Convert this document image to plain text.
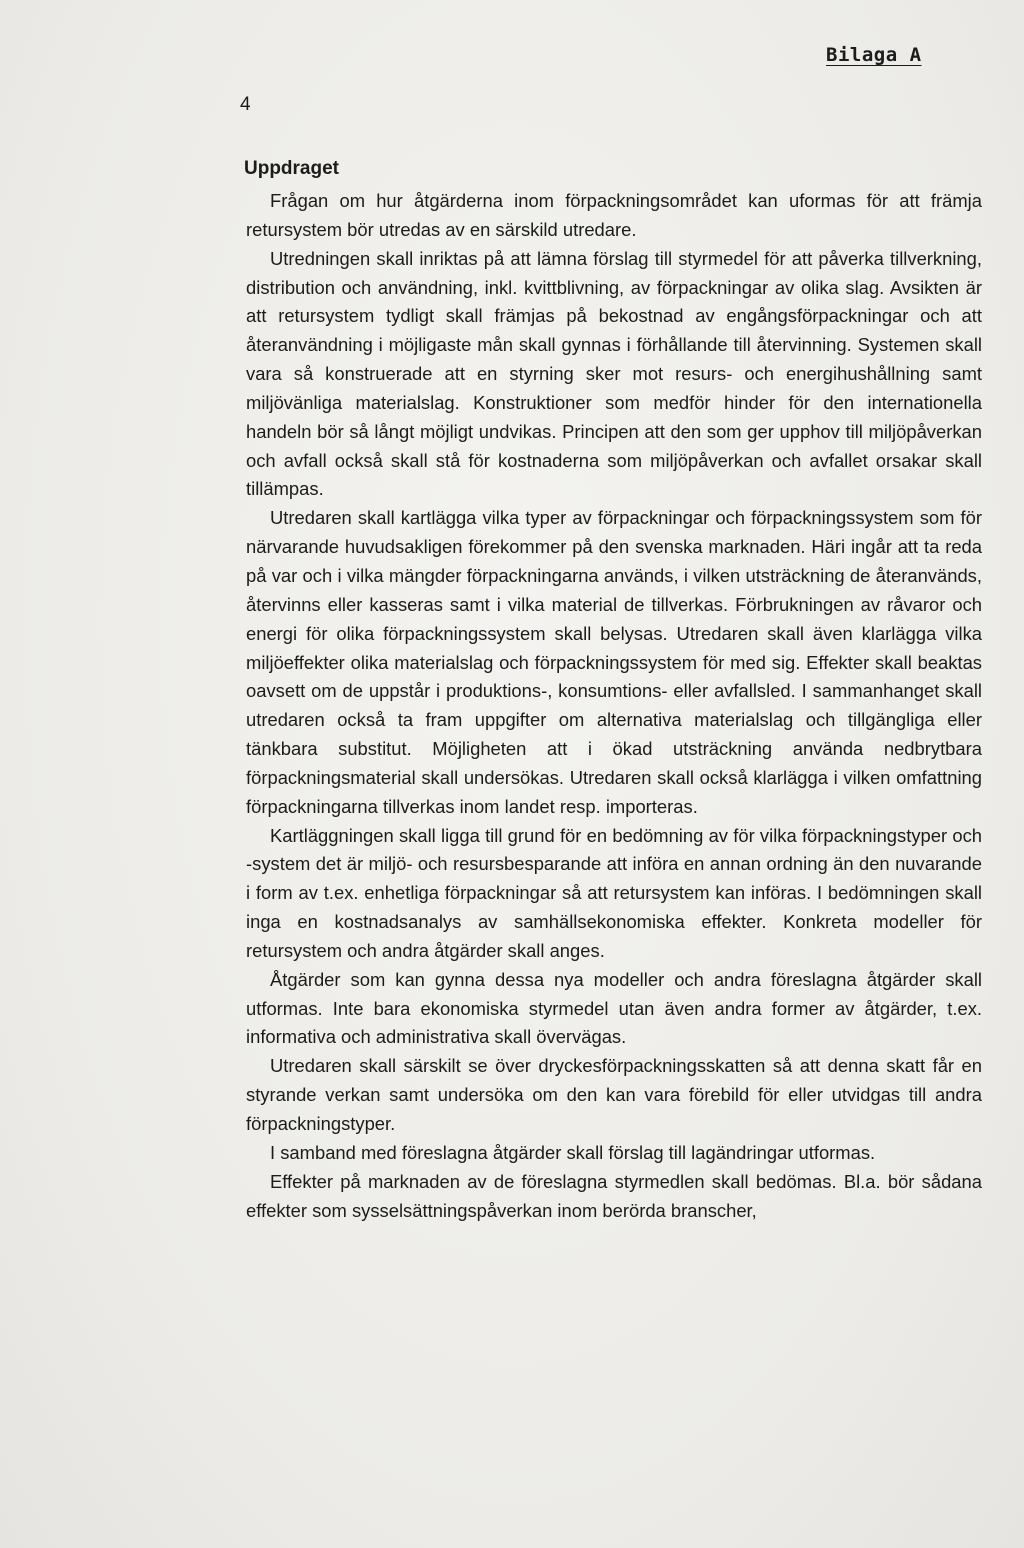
Bilaga A
4
Uppdraget

Frågan om hur åtgärderna inom förpackningsområdet kan uformas för att främja retursystem bör utredas av en särskild utredare.

Utredningen skall inriktas på att lämna förslag till styrmedel för att påverka tillverkning, distribution och användning, inkl. kvittblivning, av förpackningar av olika slag. Avsikten är att retursystem tydligt skall främjas på bekostnad av engångsförpackningar och att återanvändning i möjligaste mån skall gynnas i förhållande till återvinning. Systemen skall vara så konstruerade att en styrning sker mot resurs- och energihushållning samt miljövänliga materialslag. Konstruktioner som medför hinder för den internationella handeln bör så långt möjligt undvikas. Principen att den som ger upphov till miljöpåverkan och avfall också skall stå för kostnaderna som miljöpåverkan och avfallet orsakar skall tillämpas.

Utredaren skall kartlägga vilka typer av förpackningar och förpackningssystem som för närvarande huvudsakligen förekommer på den svenska marknaden. Häri ingår att ta reda på var och i vilka mängder förpackningarna används, i vilken utsträckning de återanvänds, återvinns eller kasseras samt i vilka material de tillverkas. Förbrukningen av råvaror och energi för olika förpackningssystem skall belysas. Utredaren skall även klarlägga vilka miljöeffekter olika materialslag och förpackningssystem för med sig. Effekter skall beaktas oavsett om de uppstår i produktions-, konsumtions- eller avfallsled. I sammanhanget skall utredaren också ta fram uppgifter om alternativa materialslag och tillgängliga eller tänkbara substitut. Möjligheten att i ökad utsträckning använda nedbrytbara förpackningsmaterial skall undersökas. Utredaren skall också klarlägga i vilken omfattning förpackningarna tillverkas inom landet resp. importeras.

Kartläggningen skall ligga till grund för en bedömning av för vilka förpackningstyper och -system det är miljö- och resursbesparande att införa en annan ordning än den nuvarande i form av t.ex. enhetliga förpackningar så att retursystem kan införas. I bedömningen skall inga en kostnadsanalys av samhällsekonomiska effekter. Konkreta modeller för retursystem och andra åtgärder skall anges.

Åtgärder som kan gynna dessa nya modeller och andra föreslagna åtgärder skall utformas. Inte bara ekonomiska styrmedel utan även andra former av åtgärder, t.ex. informativa och administrativa skall övervägas.

Utredaren skall särskilt se över dryckesförpackningsskatten så att denna skatt får en styrande verkan samt undersöka om den kan vara förebild för eller utvidgas till andra förpackningstyper.

I samband med föreslagna åtgärder skall förslag till lagändringar utformas.

Effekter på marknaden av de föreslagna styrmedlen skall bedömas. Bl.a. bör sådana effekter som sysselsättningspåverkan inom berörda branscher,
